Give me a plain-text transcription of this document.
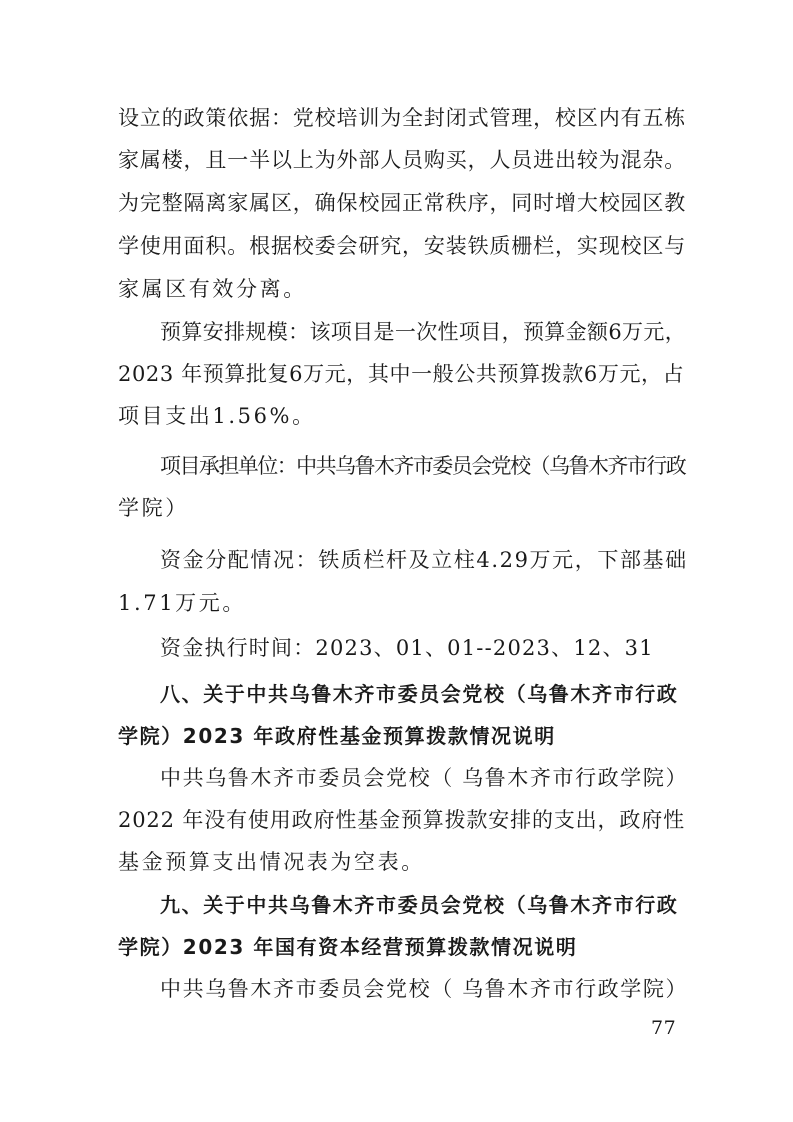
设立的政策依据：党校培训为全封闭式管理，校区内有五栋
家属楼，且一半以上为外部人员购买，人员进出较为混杂。
为完整隔离家属区，确保校园正常秩序，同时增大校园区教
学使用面积。根据校委会研究，安装铁质栅栏，实现校区与
家属区有效分离。
预算安排规模：该项目是一次性项目，预算金额6万元，
2023 年预算批复6万元，其中一般公共预算拨款6万元，占
项目支出1.56%。
项目承担单位：中共乌鲁木齐市委员会党校（乌鲁木齐市行政
学院）
资金分配情况：铁质栏杆及立柱4.29万元，下部基础
1.71万元。
资金执行时间：2023、01、01--2023、12、31
八、关于中共乌鲁木齐市委员会党校（乌鲁木齐市行政
学院）2023 年政府性基金预算拨款情况说明
中共乌鲁木齐市委员会党校（ 乌鲁木齐市行政学院）
2022 年没有使用政府性基金预算拨款安排的支出，政府性
基金预算支出情况表为空表。
九、关于中共乌鲁木齐市委员会党校（乌鲁木齐市行政
学院）2023 年国有资本经营预算拨款情况说明
中共乌鲁木齐市委员会党校（ 乌鲁木齐市行政学院）
77
